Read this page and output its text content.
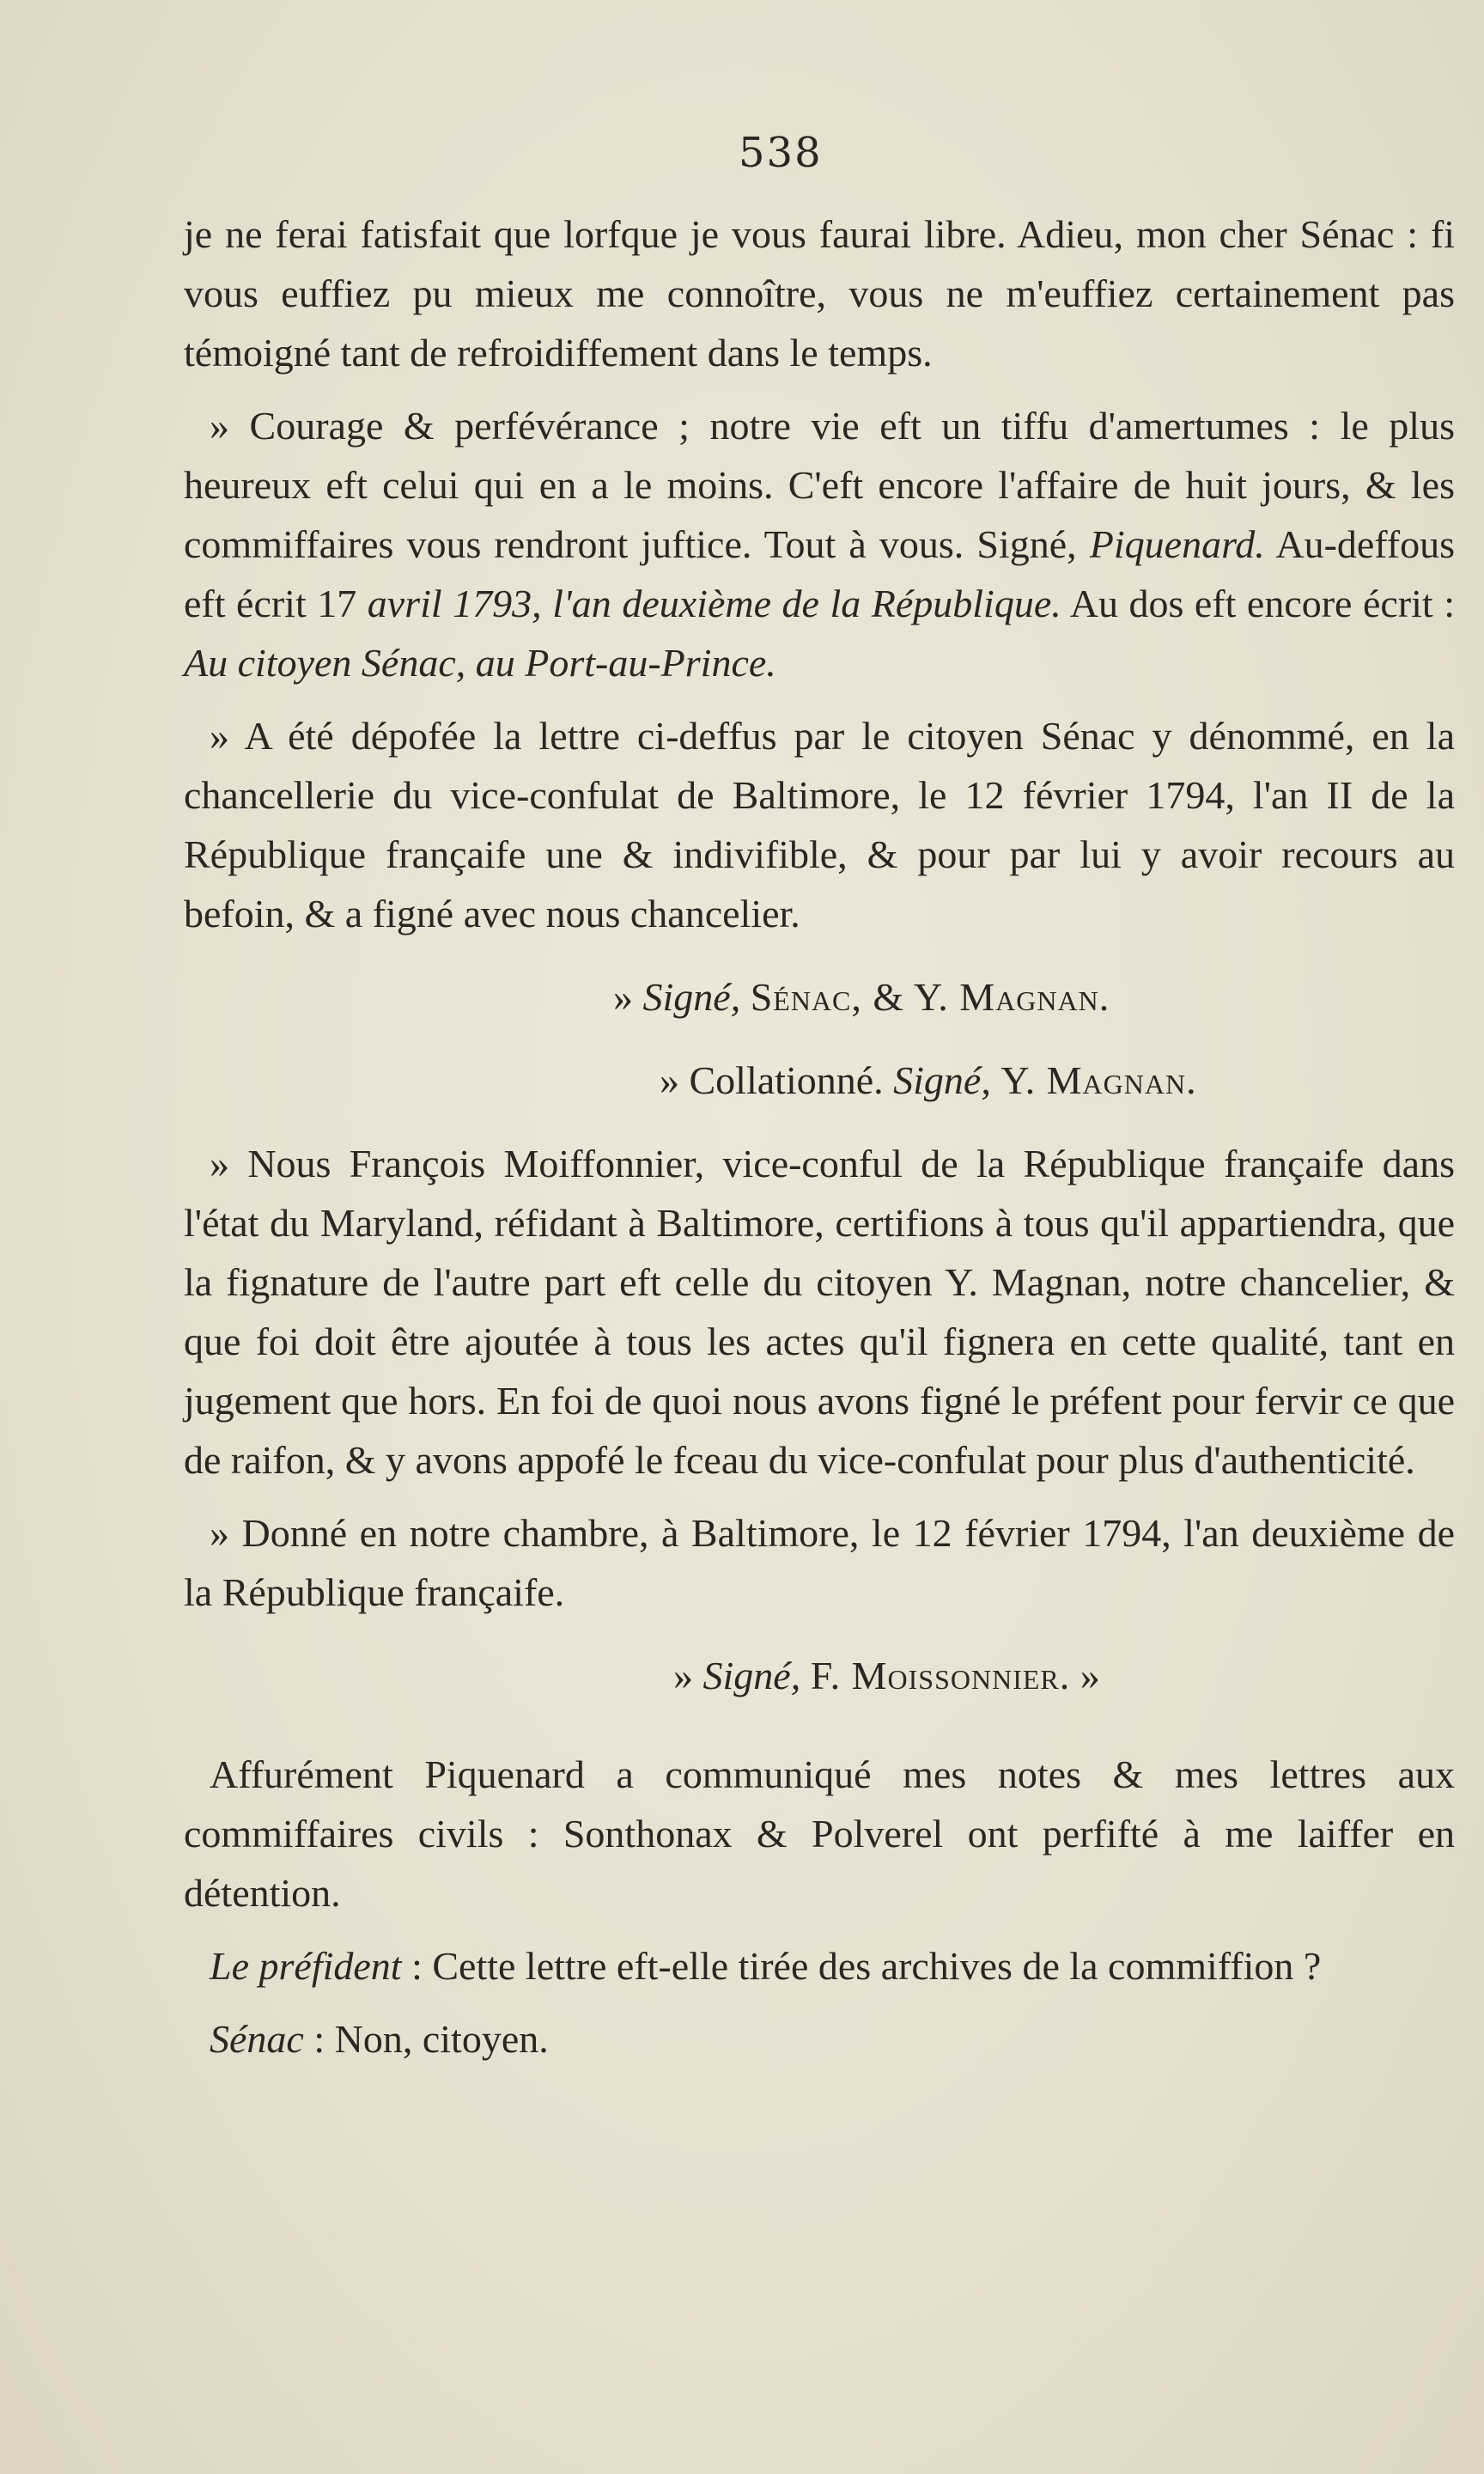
538

je ne ferai fatisfait que lorfque je vous faurai libre. Adieu, mon cher Sénac : fi vous euffiez pu mieux me connoître, vous ne m'euffiez certainement pas témoigné tant de refroidiffement dans le temps.

» Courage & perfévérance ; notre vie eft un tiffu d'amertumes : le plus heureux eft celui qui en a le moins. C'eft encore l'affaire de huit jours, & les commiffaires vous rendront juftice. Tout à vous. Signé, Piquenard. Au-deffous eft écrit 17 avril 1793, l'an deuxième de la République. Au dos eft encore écrit : Au citoyen Sénac, au Port-au-Prince.

» A été dépofée la lettre ci-deffus par le citoyen Sénac y dénommé, en la chancellerie du vice-confulat de Baltimore, le 12 février 1794, l'an II de la République françaife une & indivifible, & pour par lui y avoir recours au befoin, & a figné avec nous chancelier.

» Signé, Sénac, & Y. Magnan.
» Collationné. Signé, Y. Magnan.

» Nous François Moiffonnier, vice-conful de la République françaife dans l'état du Maryland, réfidant à Baltimore, certifions à tous qu'il appartiendra, que la fignature de l'autre part eft celle du citoyen Y. Magnan, notre chancelier, & que foi doit être ajoutée à tous les actes qu'il fignera en cette qualité, tant en jugement que hors. En foi de quoi nous avons figné le préfent pour fervir ce que de raifon, & y avons appofé le fceau du vice-confulat pour plus d'authenticité.

» Donné en notre chambre, à Baltimore, le 12 février 1794, l'an deuxième de la République françaife.

» Signé, F. Moissonnier. »

Affurément Piquenard a communiqué mes notes & mes lettres aux commiffaires civils : Sonthonax & Polverel ont perfifté à me laiffer en détention.

Le préfident : Cette lettre eft-elle tirée des archives de la commiffion ?

Sénac : Non, citoyen.
